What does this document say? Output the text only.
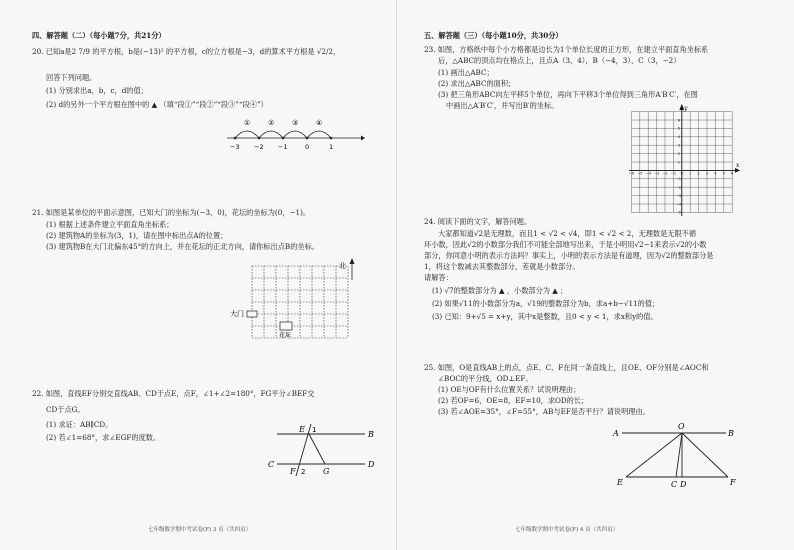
四、解答题（二）（每小题7分，共21分）
20. 已知a是2 7/9 的平方根，b是(−13)² 的平方根，c的立方根是−3，d的算术平方根是 √2/2，
回答下列问题。
(1) 分别求出a，b，c，d的值；
(2) d的另外一个平方根在图中的 ▲ （填“段①”“段②”“段③”“段④”）
①	②	③	④
−3 −2 −1	0	1
21. 如图是某单位的平面示意图，已知大门的坐标为(−3，0)，花坛的坐标为(0，−1)。
(1) 根据上述条件建立平面直角坐标系；
(2) 建筑物A的坐标为(3，1)，请在图中标出点A的位置；
(3) 建筑物B在大门北偏东45°的方向上，并在花坛的正北方向，请你标出点B的坐标。
北
大门
花坛
22. 如图，直线EF分别交直线AB、CD于点E，点F，∠1+∠2=180°，FG平分∠BEF交
CD于点G。
(1) 求证：AB∥CD。
(2) 若∠1=68°，求∠EGF的度数。	B
C	D
E 1
F 2 G
七年级数学期中考试卷(F) 3 页（共四页）
五、解答题（三）（每小题10分，共30分）
23. 如图，方格纸中每个小方格都是边长为1个单位长度的正方形，在建立平面直角坐标系
后，△ABC的顶点均在格点上，且点A（3，4），B（−4，3），C（3，−2）
(1) 画出△ABC；
(2) 求出△ABC的面积；
(3) 把三角形ABC向左平移5个单位，再向下平移3个单位得到三角形A′B′C′，在图
中画出△A′B′C′，并写出B′的坐标。
x
y
−6 −5 −4 −3 −2 −1 O 1 2 3 4 5 6
6
5
4
3
2
1
−1
−2
−3
−4
−5
24. 阅读下面的文字，解答问题。
大家都知道√2是无理数，而且1 < √2 < √4，即1 < √2 < 2，无理数是无限不循
环小数，因此√2的小数部分我们不可能全部地写出来，于是小明用√2−1来表示√2的小数
部分，你同意小明的表示方法吗？事实上，小明的表示方法是有道理，因为√2的整数部分是
1，将这个数减去其整数部分，差就是小数部分。
请解答：
(1) √7的整数部分为 ▲ ，小数部分为 ▲ ；
(2) 如果√11的小数部分为a，√19的整数部分为b，求a+b−√11的值；
(3) 已知：9+√5 = x+y，其中x是整数，且0 < y < 1，求x和y的值。
25. 如图，O是直线AB上的点，点E、C、F在同一条直线上，且OE、OF分别是∠AOC和
∠BOC的平分线，OD⊥EF。
(1) OE与OF有什么位置关系？试说明理由；
(2) 若OF=6，OE=8，EF=10，求OD的长；
(3) 若∠AOE=35°，∠F=55°，AB与EF是否平行？请说明理由。
A
O
B
E	C D	F
七年级数学期中考试卷(F) 4 页（共四页）
